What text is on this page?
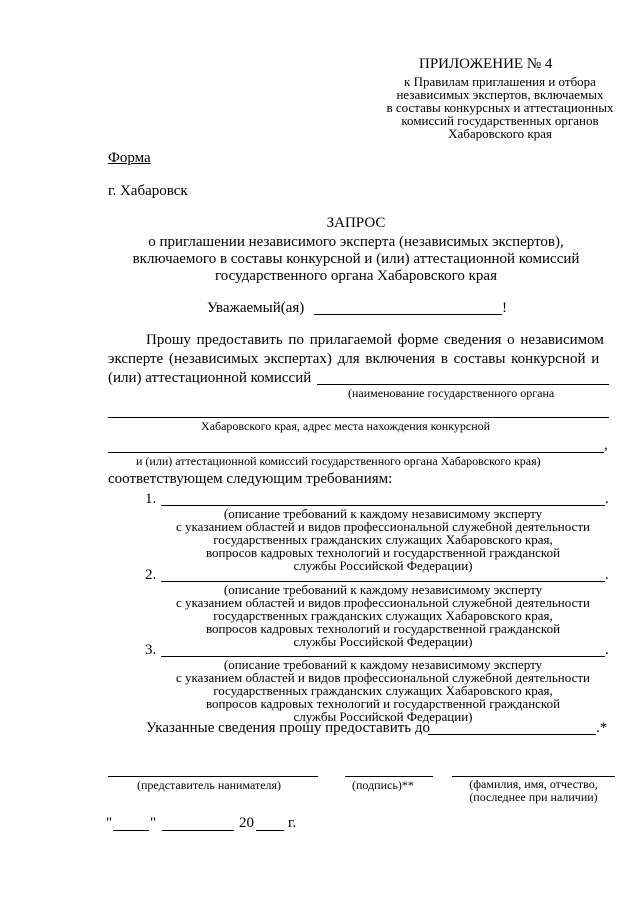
ПРИЛОЖЕНИЕ № 4
к Правилам приглашения и отбора
независимых экспертов, включаемых
в составы конкурсных и аттестационных
комиссий государственных органов
Хабаровского края
Форма
г. Хабаровск
ЗАПРОС
о приглашении независимого эксперта (независимых экспертов),
включаемого в составы конкурсной и (или) аттестационной комиссий
государственного органа Хабаровского края
Уважаемый(ая)	!
Прошу предоставить по прилагаемой форме сведения о независимом
эксперте (независимых экспертах) для включения в составы конкурсной и
(или) аттестационной комиссий
(наименование государственного органа
Хабаровского края, адрес места нахождения конкурсной
,
и (или) аттестационной комиссий государственного органа Хабаровского края)
соответствующем следующим требованиям:
1.	.
(описание требований к каждому независимому эксперту
с указанием областей и видов профессиональной служебной деятельности
государственных гражданских служащих Хабаровского края,
вопросов кадровых технологий и государственной гражданской
службы Российской Федерации)
2.	.
(описание требований к каждому независимому эксперту
с указанием областей и видов профессиональной служебной деятельности
государственных гражданских служащих Хабаровского края,
вопросов кадровых технологий и государственной гражданской
службы Российской Федерации)
3.	.
(описание требований к каждому независимому эксперту
с указанием областей и видов профессиональной служебной деятельности
государственных гражданских служащих Хабаровского края,
вопросов кадровых технологий и государственной гражданской
службы Российской Федерации)
Указанные сведения прошу предоставить до	.*
(представитель нанимателя)	(подпись)**	(фамилия, имя, отчество,
(последнее при наличии)
"	"	20 г.
